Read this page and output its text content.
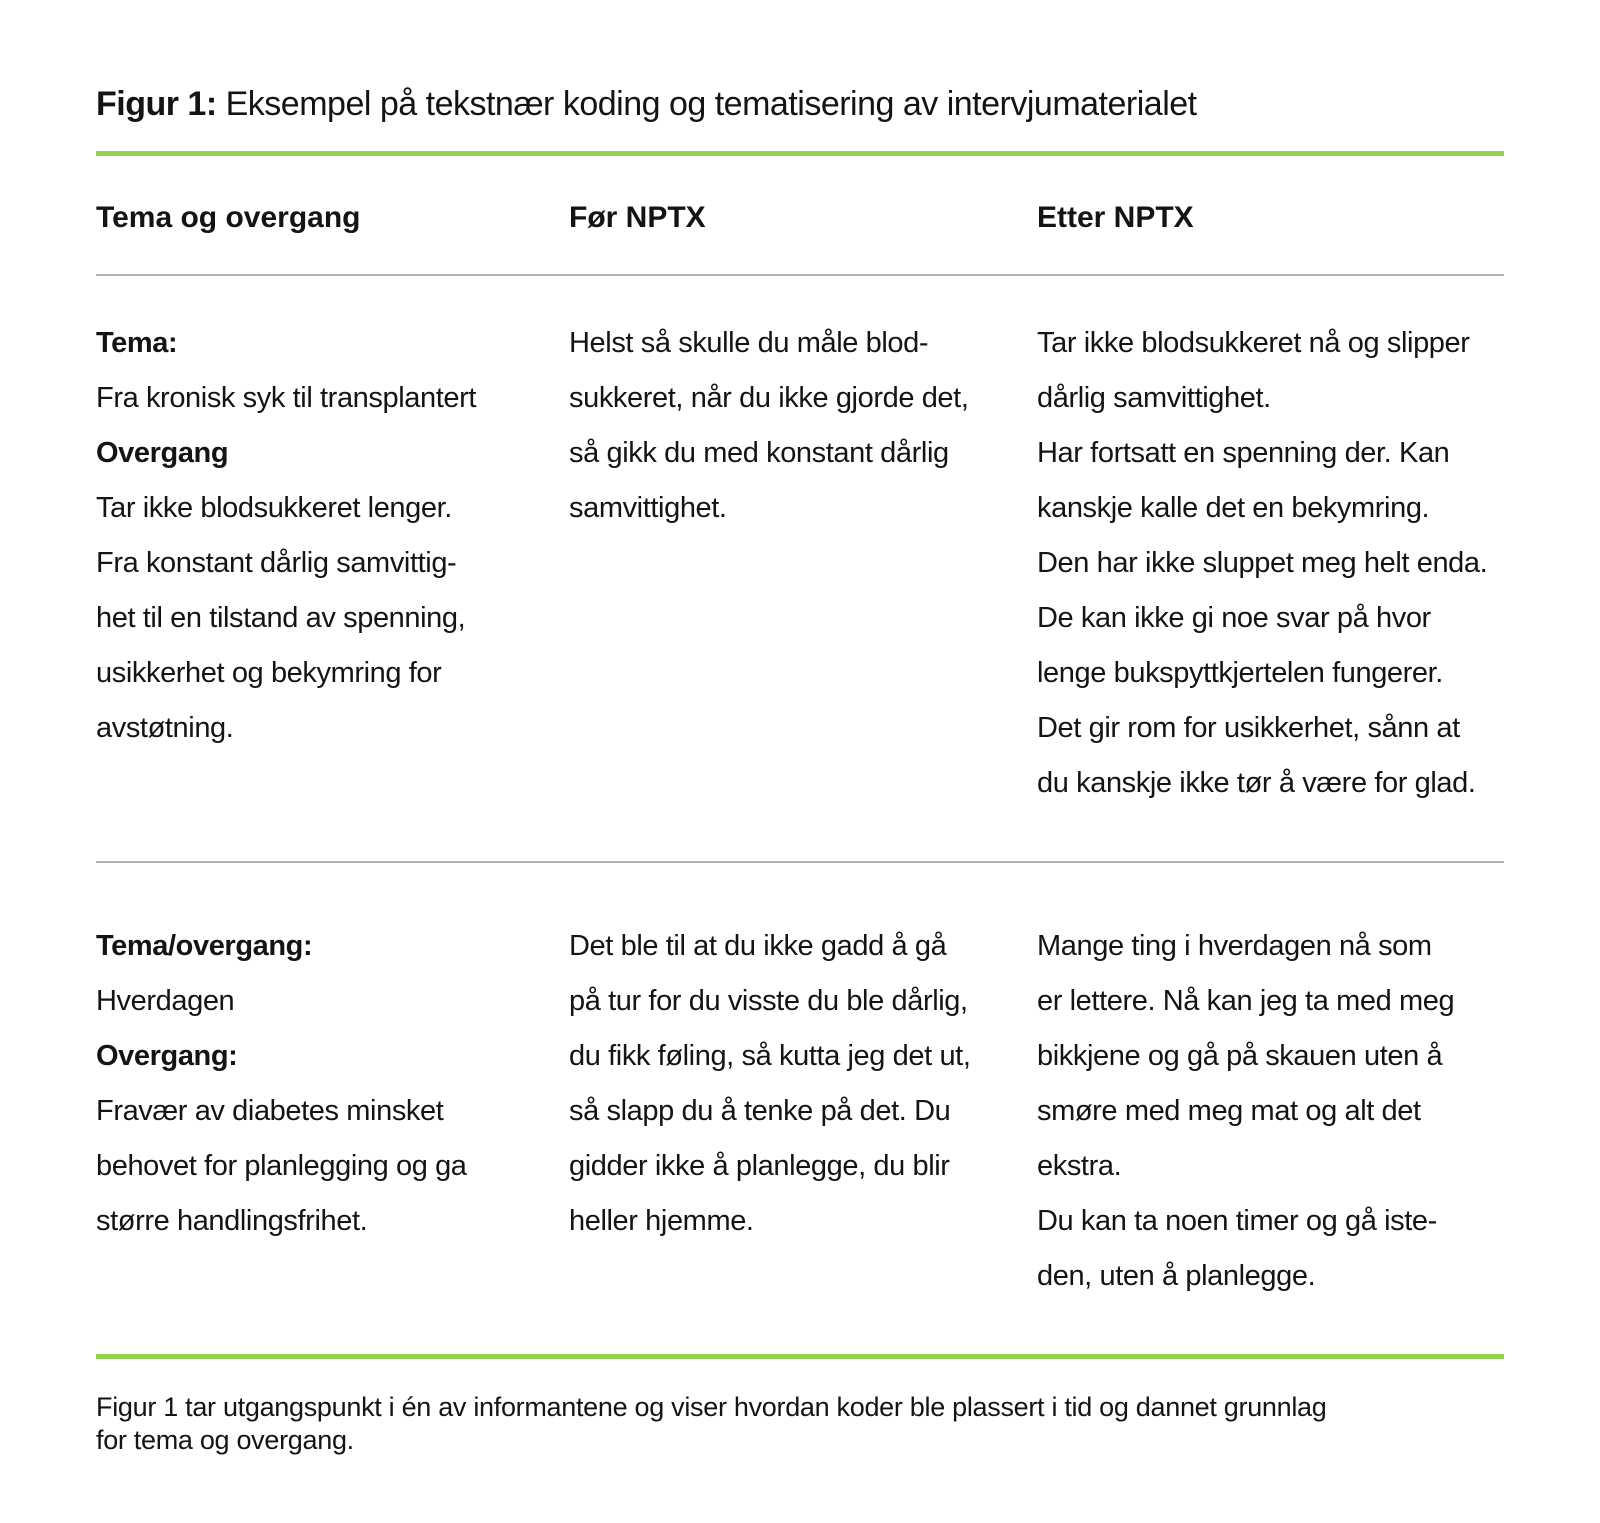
Figur 1: Eksempel på tekstnær koding og tematisering av intervjumaterialet
Tema og overgang	Før NPTX	Etter NPTX
Tema:
Fra kronisk syk til transplantert
Overgang
Tar ikke blodsukkeret lenger.
Fra konstant dårlig samvittig-
het til en tilstand av spenning,
usikkerhet og bekymring for
avstøtning.
Helst så skulle du måle blod-
sukkeret, når du ikke gjorde det,
så gikk du med konstant dårlig
samvittighet.
Tar ikke blodsukkeret nå og slipper
dårlig samvittighet.
Har fortsatt en spenning der. Kan
kanskje kalle det en bekymring.
Den har ikke sluppet meg helt enda.
De kan ikke gi noe svar på hvor
lenge bukspyttkjertelen fungerer.
Det gir rom for usikkerhet, sånn at
du kanskje ikke tør å være for glad.
Tema/overgang:
Hverdagen
Overgang:
Fravær av diabetes minsket
behovet for planlegging og ga
større handlingsfrihet.
Det ble til at du ikke gadd å gå
på tur for du visste du ble dårlig,
du fikk føling, så kutta jeg det ut,
så slapp du å tenke på det. Du
gidder ikke å planlegge, du blir
heller hjemme.
Mange ting i hverdagen nå som
er lettere. Nå kan jeg ta med meg
bikkjene og gå på skauen uten å
smøre med meg mat og alt det
ekstra.
Du kan ta noen timer og gå iste-
den, uten å planlegge.
Figur 1 tar utgangspunkt i én av informantene og viser hvordan koder ble plassert i tid og dannet grunnlag
for tema og overgang.
